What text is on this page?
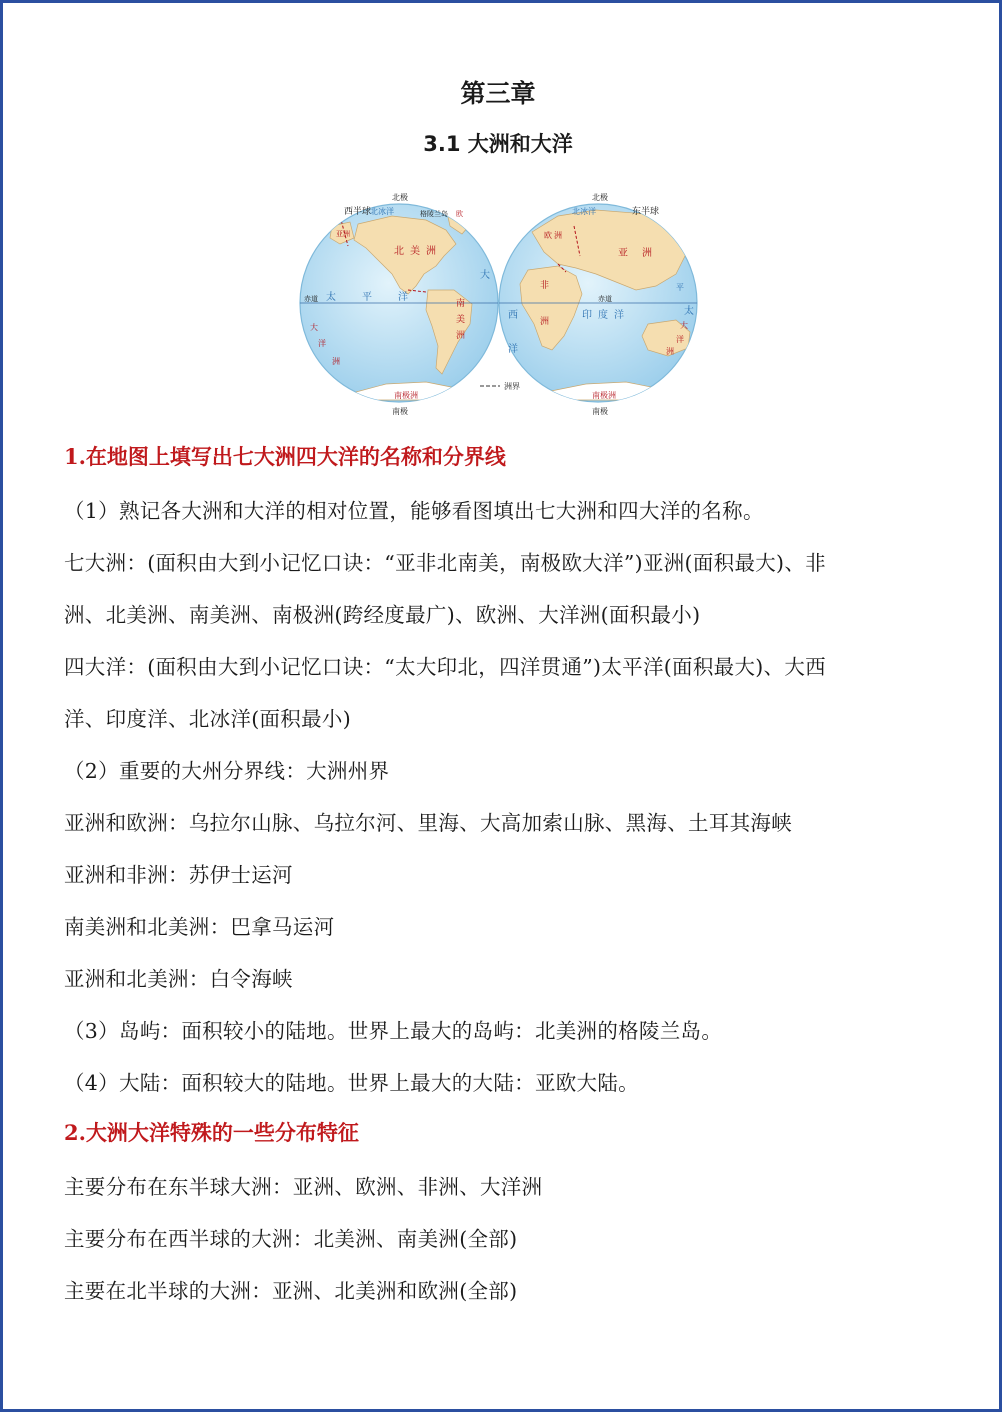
第三章
3.1 大洲和大洋
西半球
北极
南极
北冰洋	格陵兰岛 欧
亚洲
北美洲
南
美
洲
太平洋
大
赤道
大
洋
洲
南极洲
东半球
北极
南极
北冰洋
欧洲
亚洲
非
洲
印度洋
西
洋
太
平
赤道
大
洋
洲
南极洲
洲界
1.在地图上填写出七大洲四大洋的名称和分界线
（1）熟记各大洲和大洋的相对位置，能够看图填出七大洲和四大洋的名称。
七大洲：(面积由大到小记忆口诀：“亚非北南美，南极欧大洋”)亚洲(面积最大)、非
洲、北美洲、南美洲、南极洲(跨经度最广)、欧洲、大洋洲(面积最小)
四大洋：(面积由大到小记忆口诀：“太大印北，四洋贯通”)太平洋(面积最大)、大西
洋、印度洋、北冰洋(面积最小)
（2）重要的大州分界线：大洲州界
亚洲和欧洲：乌拉尔山脉、乌拉尔河、里海、大高加索山脉、黑海、土耳其海峡
亚洲和非洲：苏伊士运河
南美洲和北美洲：巴拿马运河
亚洲和北美洲：白令海峡
（3）岛屿：面积较小的陆地。世界上最大的岛屿：北美洲的格陵兰岛。
（4）大陆：面积较大的陆地。世界上最大的大陆：亚欧大陆。
2.大洲大洋特殊的一些分布特征
主要分布在东半球大洲：亚洲、欧洲、非洲、大洋洲
主要分布在西半球的大洲：北美洲、南美洲(全部)
主要在北半球的大洲：亚洲、北美洲和欧洲(全部)
